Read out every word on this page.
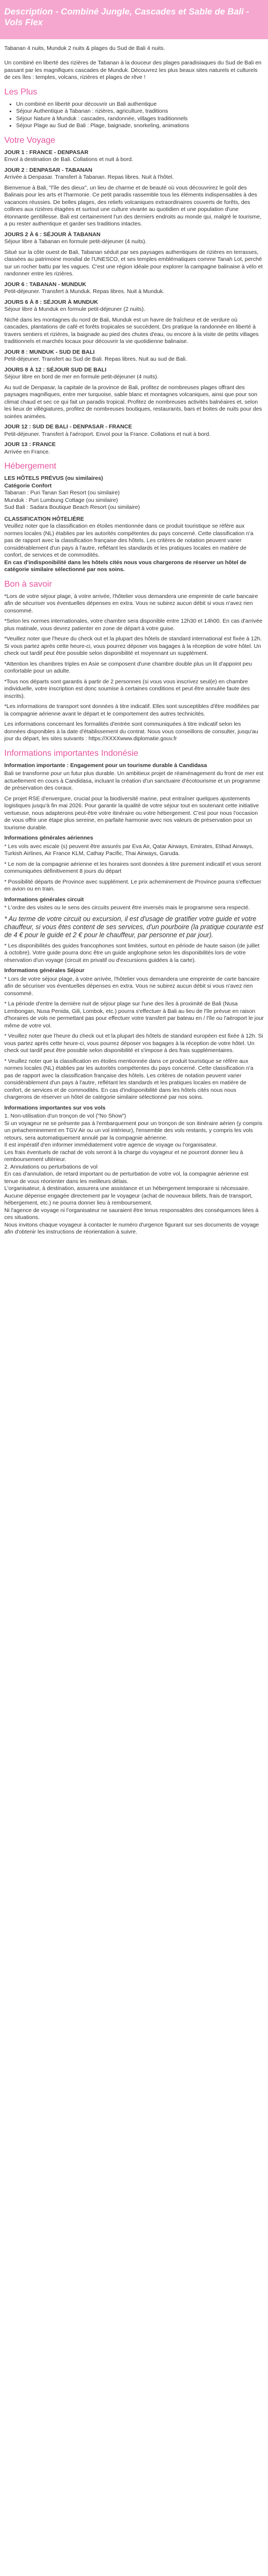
Description - Combiné Jungle, Cascades et Sable de Bali - Vols Flex

Tabanan 4 nuits, Munduk 2 nuits & plages du Sud de Bali 4 nuits.

Un combiné en liberté des rizières de Tabanan à la douceur des plages paradisiaques du Sud de Bali en passant par les magnifiques cascades de Munduk. Découvrez les plus beaux sites naturels et culturels de ces îles : temples, volcans, rizières et plages de rêve !

Les Plus
• Un combiné en liberté pour découvrir un Bali authentique
• Séjour Authentique à Tabanan : rizières, agriculture, traditions
• Séjour Nature à Munduk : cascades, randonnée, villages traditionnels
• Séjour Plage au Sud de Bali : Plage, baignade, snorkeling, animations
Votre Voyage
JOUR 1 : FRANCE - DENPASAR

Envol à destination de Bali. Collations et nuit à bord.

JOUR 2 : DENPASAR - TABANAN

Arrivée à Denpasar. Transfert à Tabanan. Repas libres. Nuit à l'hôtel.

Bienvenue à Bali, "l'île des dieux", un lieu de charme et de beauté où vous découvrirez le goût des Balinais pour les arts et l'harmonie. Ce petit paradis rassemble tous les éléments indispensables à des vacances réussies. De belles plages, des reliefs volcaniques extraordinaires couverts de forêts, des collines aux rizières étagées et surtout une culture vivante au quotidien et une population d'une étonnante gentillesse. Bali est certainement l'un des derniers endroits au monde qui, malgré le tourisme, a pu rester authentique et garder ses traditions intactes.

JOURS 2 À 6 : SÉJOUR À TABANAN

Séjour libre à Tabanan en formule petit-déjeuner (4 nuits).

Situé sur la côte ouest de Bali, Tabanan séduit par ses paysages authentiques de rizières en terrasses, classées au patrimoine mondial de l'UNESCO, et ses temples emblématiques comme Tanah Lot, perché sur un rocher battu par les vagues. C'est une région idéale pour explorer la campagne balinaise à vélo et randonner entre les rizières.

JOUR 6 : TABANAN - MUNDUK

Petit-déjeuner. Transfert à Munduk. Repas libres. Nuit à Munduk.

JOURS 6 À 8 : SÉJOUR À MUNDUK

Séjour libre à Munduk en formule petit-déjeuner (2 nuits).

Niché dans les montagnes du nord de Bali, Munduk est un havre de fraîcheur et de verdure où cascades, plantations de café et forêts tropicales se succèdent. Drs pratique la randonnée en liberté à travers sentiers et rizières, la baignade au pied des chutes d'eau, ou encore à la visite de petits villages traditionnels et marchés locaux pour découvrir la vie quotidienne balinaise.

JOUR 8 : MUNDUK - SUD DE BALI

Petit-déjeuner. Transfert au Sud de Bali. Repas libres. Nuit au sud de Bali.

JOURS 8 À 12 : SÉJOUR SUD DE BALI

Séjour libre en bord de mer en formule petit-déjeuner (4 nuits).

Au sud de Denpasar, la capitale de la province de Bali, profitez de nombreuses plages offrant des paysages magnifiques, entre mer turquoise, sable blanc et montagnes volcaniques, ainsi que pour son climat chaud et sec ce qui fait un paradis tropical. Profitez de nombreuses activités balnéaires et, selon les lieux de villégiatures, profitez de nombreuses boutiques, restaurants, bars et boites de nuits pour des soirées animées.

JOUR 12 : SUD DE BALI - DENPASAR - FRANCE

Petit-déjeuner. Transfert à l'aéroport. Envol pour la France. Collations et nuit à bord.

JOUR 13 : FRANCE

Arrivée en France.

Hébergement
LES HÔTELS PRÉVUS (ou similaires)
Catégorie Confort
Tabanan : Puri Tanan Sari Resort (ou similaire)
Munduk : Puri Lumbung Cottage (ou similaire)
Sud Bali : Sadara Boutique Beach Resort (ou similaire)
CLASSIFICATION HÔTELIÈRE

Veuillez noter que la classification en étoiles mentionnée dans ce produit touristique se réfère aux normes locales (NL) établies par les autorités compétentes du pays concerné. Cette classification n'a pas de rapport avec la classification française des hôtels. Les critères de notation peuvent varier considérablement d'un pays à l'autre, reflétant les standards et les pratiques locales en matière de confort, de services et de commodités.

En cas d'indisponibilité dans les hôtels cités nous vous chargerons de réserver un hôtel de catégorie similaire sélectionné par nos soins.

Bon à savoir

*Lors de votre séjour plage, à votre arrivée, l'hôtelier vous demandera une empreinte de carte bancaire afin de sécuriser vos éventuelles dépenses en extra. Vous ne subirez aucun débit si vous n'avez rien consommé.

*Selon les normes internationales, votre chambre sera disponible entre 12h30 et 14h00. En cas d'arrivée plus matinale, vous devrez patienter en zone de départ à votre guise.

*Veuillez noter que l'heure du check out et la plupart des hôtels de standard international est fixée à 12h. Si vous partez après cette heure-ci, vous pourrez déposer vos bagages à la réception de votre hôtel. Un check out tardif peut être possible selon disponibilité et moyennant un supplément.

*Attention les chambres triples en Asie se composent d'une chambre double plus un lit d'appoint peu confortable pour un adulte.

*Tous nos départs sont garantis à partir de 2 personnes (si vous vous inscrivez seul(e) en chambre individuelle, votre inscription est donc soumise à certaines conditions et peut être annulée faute des inscrits).

*Les informations de transport sont données à titre indicatif. Elles sont susceptibles d'être modifiées par la compagnie aérienne avant le départ et le comportement des autres technicités.

Les informations concernant les formalités d'entrée sont communiquées à titre indicatif selon les données disponibles à la date d'établissement du contrat. Nous vous conseillons de consulter, jusqu'au jour du départ, les sites suivants : https://XXXXwww.diplomatie.gouv.fr

Informations importantes Indonésie

Information importante : Engagement pour un tourisme durable à Candidasa

Bali se transforme pour un futur plus durable. Un ambitieux projet de réaménagement du front de mer est actuellement en cours à Candidasa, incluant la création d'un sanctuaire d'écotourisme et un programme de préservation des coraux.

Ce projet RSE d'envergure, crucial pour la biodiversité marine, peut entraîner quelques ajustements logistiques jusqu'à fin mai 2026. Pour garantir la qualité de votre séjour tout en soutenant cette initiative vertueuse, nous adapterons peut-être votre itinéraire ou votre hébergement. C'est pour nous l'occasion de vous offrir une étape plus sereine, en parfaite harmonie avec nos valeurs de préservation pour un tourisme durable.

Informations générales aériennes

* Les vols avec escale (s) peuvent être assurés par Eva Air, Qatar Airways, Emirates, Etihad Airways, Turkish Airlines, Air France KLM, Cathay Pacific, Thai Airways, Garuda.

* Le nom de la compagnie aérienne et les horaires sont données à titre purement indicatif et vous seront communiquées définitivement 8 jours du départ

* Possibilité départs de Province avec supplément. Le prix acheminement de Province pourra s'effectuer en avion ou en train.

Informations générales circuit

* L'ordre des visites ou le sens des circuits peuvent être inversés mais le programme sera respecté.

* Au terme de votre circuit ou excursion, il est d'usage de gratifier votre guide et votre chauffeur, si vous êtes content de ses services, d'un pourboire (la pratique courante est de 4 € pour le guide et 2 € pour le chauffeur, par personne et par jour).

* Les disponibilités des guides francophones sont limitées, surtout en période de haute saison (de juillet à octobre). Votre guide pourra donc être un guide anglophone selon les disponibilités lors de votre réservation d'un voyage (circuit en privatif ou d'excursions guidées à la carte).

Informations générales Séjour

* Lors de votre séjour plage, à votre arrivée, l'hôtelier vous demandera une empreinte de carte bancaire afin de sécuriser vos éventuelles dépenses en extra. Vous ne subirez aucun débit si vous n'avez rien consommé.

* La période d'entre la dernière nuit de séjour plage sur l'une des îles à proximité de Bali (Nusa Lembongan, Nusa Penida, Gili, Lombok, etc.) pourra s'effectuer à Bali au lieu de l'île prévue en raison d'horaires de vols ne permettant pas pour effectuer votre transfert par bateau en / l'île ou l'aéroport le jour même de votre vol.

* Veuillez noter que l'heure du check out et la plupart des hôtels de standard européen est fixée à 12h. Si vous partez après cette heure-ci, vous pourrez déposer vos bagages à la réception de votre hôtel. Un check out tardif peut être possible selon disponibilité et s'impose à des frais supplémentaires.

* Veuillez noter que la classification en étoiles mentionnée dans ce produit touristique se réfère aux normes locales (NL) établies par les autorités compétentes du pays concerné. Cette classification n'a pas de rapport avec la classification française des hôtels. Les critères de notation peuvent varier considérablement d'un pays à l'autre, reflétant les standards et les pratiques locales en matière de confort, de services et de commodités. En cas d'indisponibilité dans les hôtels cités nous nous chargerons de réserver un hôtel de catégorie similaire sélectionné par nos soins.

Informations importantes sur vos vols

1. Non-utilisation d'un tronçon de vol ("No Show")
Si un voyageur ne se présente pas à l'embarquement pour un tronçon de son itinéraire aérien (y compris un préacheminement en TGV Air ou un vol intérieur), l'ensemble des vols restants, y compris les vols retours, sera automatiquement annulé par la compagnie aérienne.
Il est impératif d'en informer immédiatement votre agence de voyage ou l'organisateur.
Les frais éventuels de rachat de vols seront à la charge du voyageur et ne pourront donner lieu à remboursement ultérieur.
2. Annulations ou perturbations de vol
En cas d'annulation, de retard important ou de perturbation de votre vol, la compagnie aérienne est tenue de vous réorienter dans les meilleurs délais.
L'organisateur, à destination, assurera une assistance et un hébergement temporaire si nécessaire.
Aucune dépense engagée directement par le voyageur (achat de nouveaux billets, frais de transport, hébergement, etc.) ne pourra donner lieu à remboursement.
Ni l'agence de voyage ni l'organisateur ne sauraient être tenus responsables des conséquences liées à ces situations.
Nous invitons chaque voyageur à contacter le numéro d'urgence figurant sur ses documents de voyage afin d'obtenir les instructions de réorientation à suivre.
